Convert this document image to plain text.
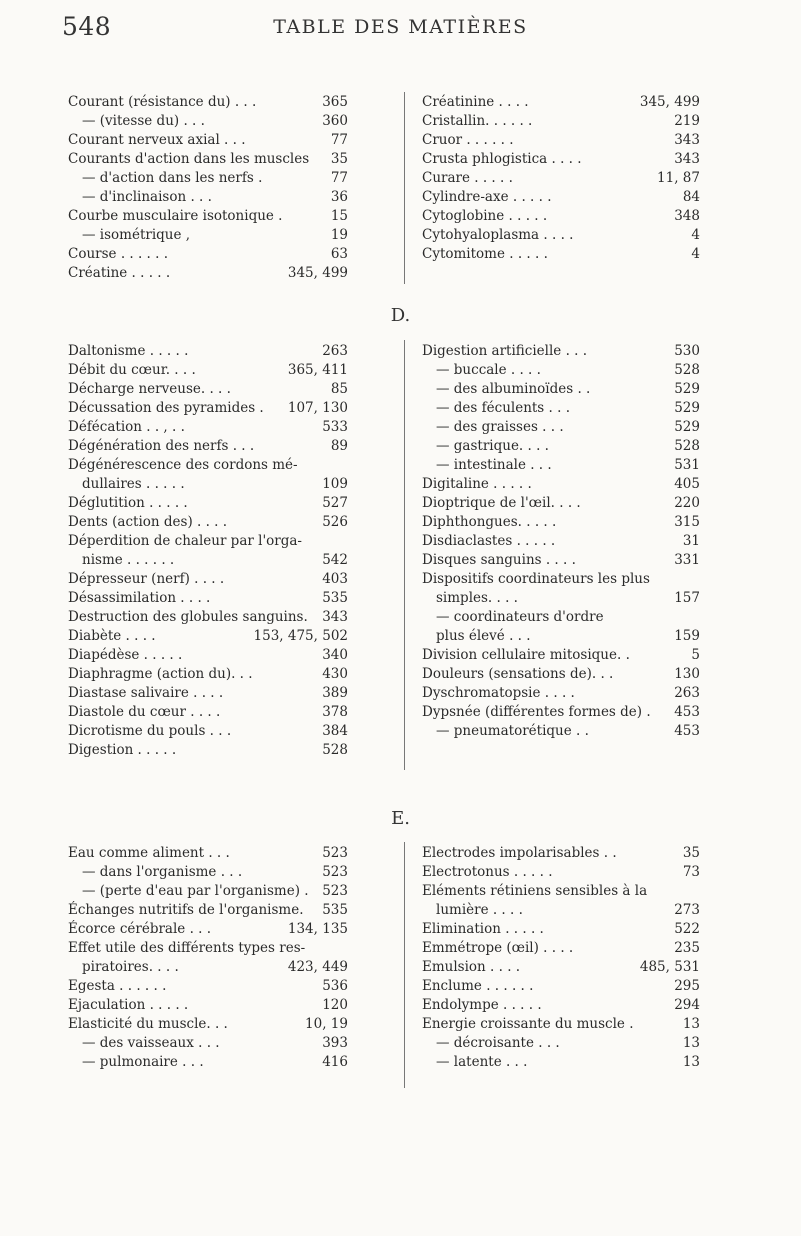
548	TABLE DES MATIÈRES
D.
E.
Courant (résistance du) . . .	365
— (vitesse du) . . .	360
Courant nerveux axial . . .	77
Courants d'action dans les muscles 35
— d'action dans les nerfs .	77
— d'inclinaison . . .	36
Courbe musculaire isotonique .	15
— isométrique ,	19
Course . . . . . .	63
Créatine . . . . .	345, 499
Créatinine . . . .	345, 499
Cristallin. . . . . .	219
Cruor . . . . . .	343
Crusta phlogistica . . . .	343
Curare . . . . .	11, 87
Cylindre-axe . . . . .	84
Cytoglobine . . . . .	348
Cytohyaloplasma . . . .	4
Cytomitome . . . . .	4
Daltonisme . . . . .	263
Débit du cœur. . . .	365, 411
Décharge nerveuse. . . .	85
Décussation des pyramides . 107, 130
Défécation . . , . .	533
Dégénération des nerfs . . .	89
Dégénérescence des cordons mé-
dullaires . . . . .	109
Déglutition . . . . .	527
Dents (action des) . . . .	526
Déperdition de chaleur par l'orga-
nisme . . . . . .	542
Dépresseur (nerf) . . . .	403
Désassimilation . . . .	535
Destruction des globules sanguins. 343
Diabète . . . .	153, 475, 502
Diapédèse . . . . .	340
Diaphragme (action du). . .	430
Diastase salivaire . . . .	389
Diastole du cœur . . . .	378
Dicrotisme du pouls . . .	384
Digestion . . . . .	528
Digestion artificielle . . .	530
— buccale . . . .	528
— des albuminoïdes . .	529
— des féculents . . .	529
— des graisses . . .	529
— gastrique. . . .	528
— intestinale . . .	531
Digitaline . . . . .	405
Dioptrique de l'œil. . . .	220
Diphthongues. . . . .	315
Disdiaclastes . . . . .	31
Disques sanguins . . . .	331
Dispositifs coordinateurs les plus
simples. . . .	157
— coordinateurs d'ordre
plus élevé . . .	159
Division cellulaire mitosique. .	5
Douleurs (sensations de). . .	130
Dyschromatopsie . . . .	263
Dypsnée (différentes formes de) . 453
— pneumatorétique . .	453
Eau comme aliment . . .	523
— dans l'organisme . . .	523
— (perte d'eau par l'organisme) . 523
Échanges nutritifs de l'organisme. 535
Écorce cérébrale . . .	134, 135
Effet utile des différents types res-
piratoires. . . .	423, 449
Egesta . . . . . .	536
Ejaculation . . . . .	120
Elasticité du muscle. . .	10, 19
— des vaisseaux . . .	393
— pulmonaire . . .	416
Electrodes impolarisables . .	35
Electrotonus . . . . .	73
Eléments rétiniens sensibles à la
lumière . . . .	273
Elimination . . . . .	522
Emmétrope (œil) . . . .	235
Emulsion . . . .	485, 531
Enclume . . . . . .	295
Endolympe . . . . .	294
Energie croissante du muscle .	13
— décroisante . . .	13
— latente . . .	13
